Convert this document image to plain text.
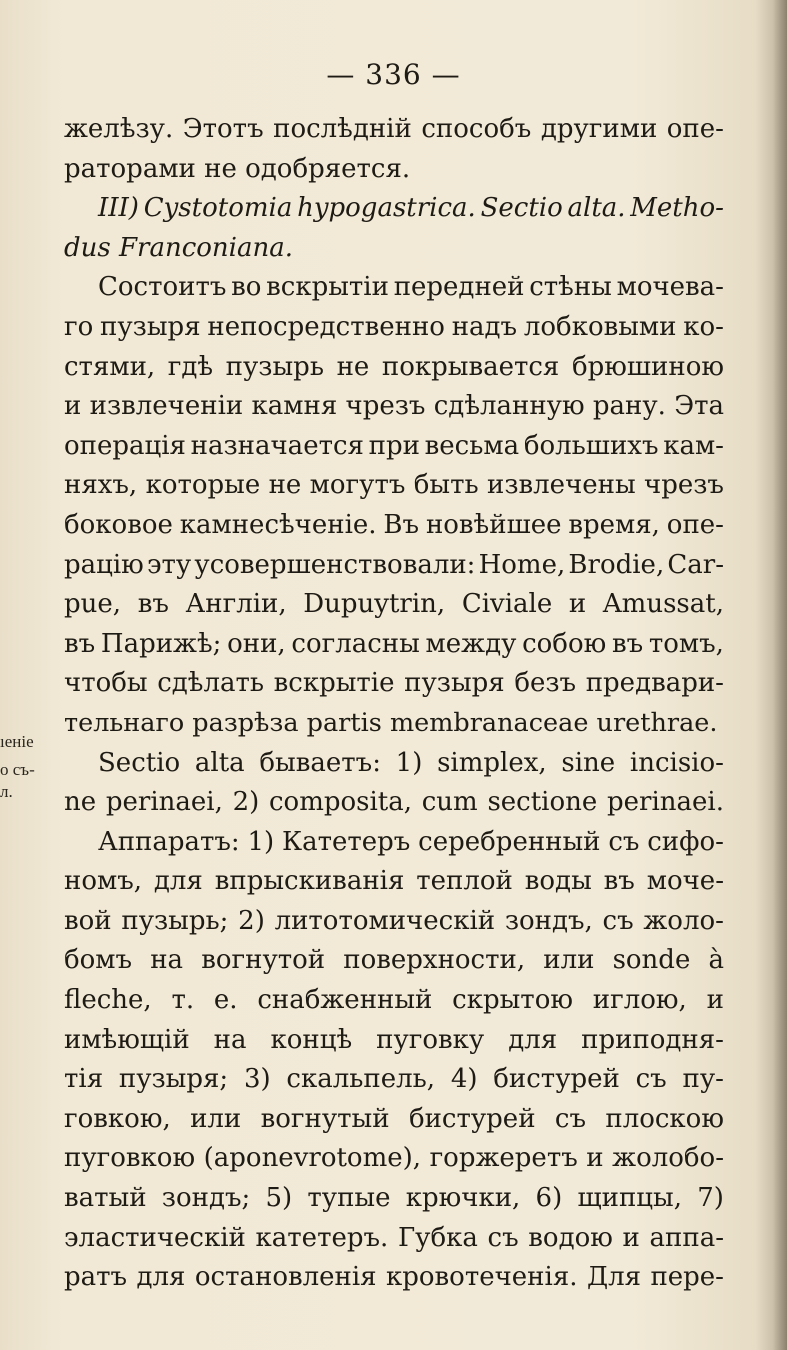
— 336 —
ıеніе
о съ-
л.
желѣзу. Этотъ послѣднiй способъ другими опе-
раторами не одобряется.
III) Cystotomia hypogastrica. Sectio alta. Metho-
dus Franconiana.
Состоитъ во вскрытiи передней стѣны мочева-
го пузыря непосредственно надъ лобковыми ко-
стями, гдѣ пузырь не покрывается брюшиною
и извлеченiи камня чрезъ сдѣланную рану. Эта
операцiя назначается при весьма большихъ кам-
няхъ, которые не могутъ быть извлечены чрезъ
боковое камнесѣченiе. Въ новѣйшее время, опе-
рацiю эту усовершенствовали: Home, Brodie, Car-
pue, въ Англiи, Dupuytrin, Civiale и Amussat,
въ Парижѣ; они, согласны между собою въ томъ,
чтобы сдѣлать вскрытiе пузыря безъ предвари-
тельнаго разрѣза partis membranaceae urethrae.
Sectio alta бываетъ: 1) simplex, sine incisio-
ne perinaei, 2) composita, cum sectione perinaei.
Аппаратъ: 1) Катетеръ серебренный съ сифо-
номъ, для впрыскиванiя теплой воды въ моче-
вой пузырь; 2) литотомическiй зондъ, съ жоло-
бомъ на вогнутой поверхности, или sonde à
fleche, т. е. снабженный скрытою иглою, и
имѣющiй на концѣ пуговку для приподня-
тiя пузыря; 3) скальпель, 4) бистурей съ пу-
говкою, или вогнутый бистурей съ плоскою
пуговкою (aponevrotome), горжеретъ и жолобо-
ватый зондъ; 5) тупые крючки, 6) щипцы, 7)
эластическiй катетеръ. Губка съ водою и аппа-
ратъ для остановленiя кровотеченiя. Для пере-
